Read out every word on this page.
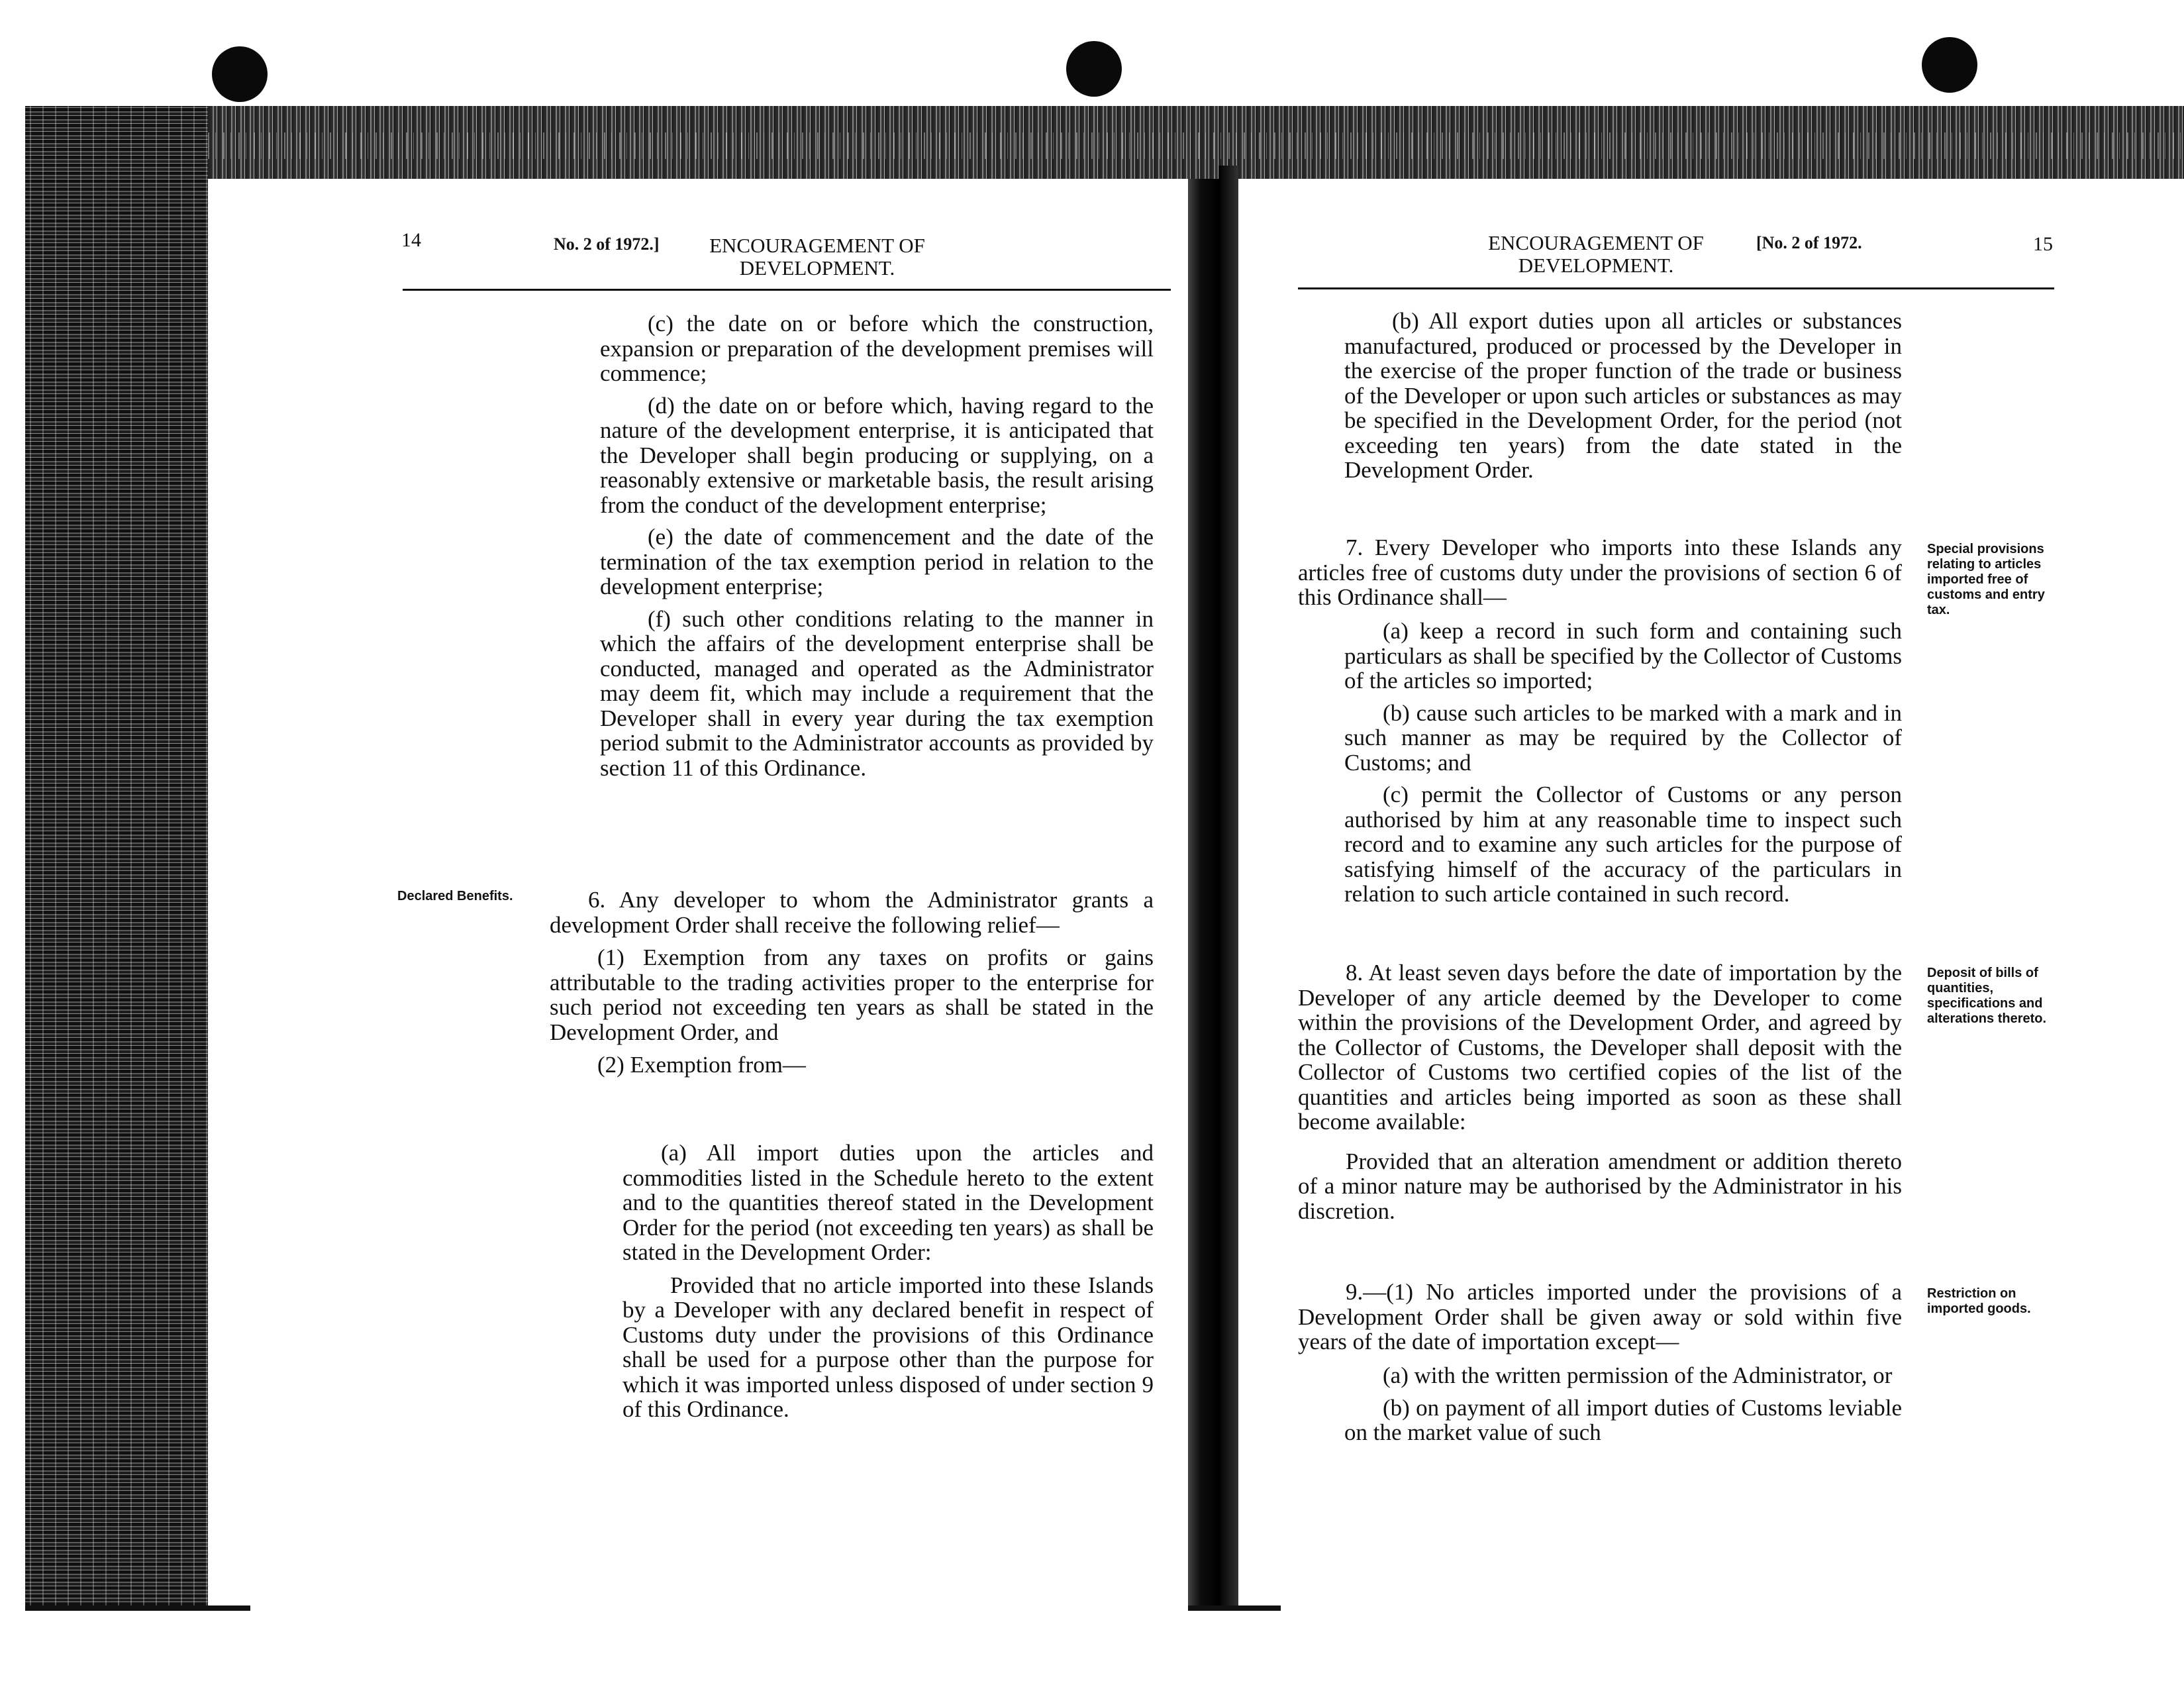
14	No. 2 of 1972.]	ENCOURAGEMENT OF
DEVELOPMENT.

(c) the date on or before which the construction, expansion or preparation of the development premises will commence;

(d) the date on or before which, having regard to the nature of the development enterprise, it is anticipated that the Developer shall begin producing or supplying, on a reasonably extensive or marketable basis, the result arising from the conduct of the development enterprise;

(e) the date of commencement and the date of the termination of the tax exemption period in relation to the development enterprise;

(f) such other conditions relating to the manner in which the affairs of the development enterprise shall be conducted, managed and operated as the Administrator may deem fit, which may include a requirement that the Developer shall in every year during the tax exemption period submit to the Administrator accounts as provided by section 11 of this Ordinance.

Declared Benefits.	6. Any developer to whom the Administrator grants a development Order shall receive the following relief—

(1) Exemption from any taxes on profits or gains attributable to the trading activities proper to the enterprise for such period not exceeding ten years as shall be stated in the Development Order, and

(2) Exemption from—

(a) All import duties upon the articles and commodities listed in the Schedule hereto to the extent and to the quantities thereof stated in the Development Order for the period (not exceeding ten years) as shall be stated in the Development Order:

Provided that no article imported into these Islands by a Developer with any declared benefit in respect of Customs duty under the provisions of this Ordinance shall be used for a purpose other than the purpose for which it was imported unless disposed of under section 9 of this Ordinance.

ENCOURAGEMENT OF
DEVELOPMENT.
[No. 2 of 1972.	15

(b) All export duties upon all articles or substances manufactured, produced or processed by the Developer in the exercise of the proper function of the trade or business of the Developer or upon such articles or substances as may be specified in the Development Order, for the period (not exceeding ten years) from the date stated in the Development Order.

7. Every Developer who imports into these Islands any articles free of customs duty under the provisions of section 6 of this Ordinance shall—

(a) keep a record in such form and containing such particulars as shall be specified by the Collector of Customs of the articles so imported;

(b) cause such articles to be marked with a mark and in such manner as may be required by the Collector of Customs; and

(c) permit the Collector of Customs or any person authorised by him at any reasonable time to inspect such record and to examine any such articles for the purpose of satisfying himself of the accuracy of the particulars in relation to such article contained in such record.

Special provisions relating to articles imported free of customs and entry tax.

8. At least seven days before the date of importation by the Developer of any article deemed by the Developer to come within the provisions of the Development Order, and agreed by the Collector of Customs, the Developer shall deposit with the Collector of Customs two certified copies of the list of the quantities and articles being imported as soon as these shall become available:

Provided that an alteration amendment or addition thereto of a minor nature may be authorised by the Administrator in his discretion.

Deposit of bills of quantities, specifications and alterations thereto.

9.—(1) No articles imported under the provisions of a Development Order shall be given away or sold within five years of the date of importation except—

(a) with the written permission of the Administrator, or

(b) on payment of all import duties of Customs leviable on the market value of such

Restriction on imported goods.
